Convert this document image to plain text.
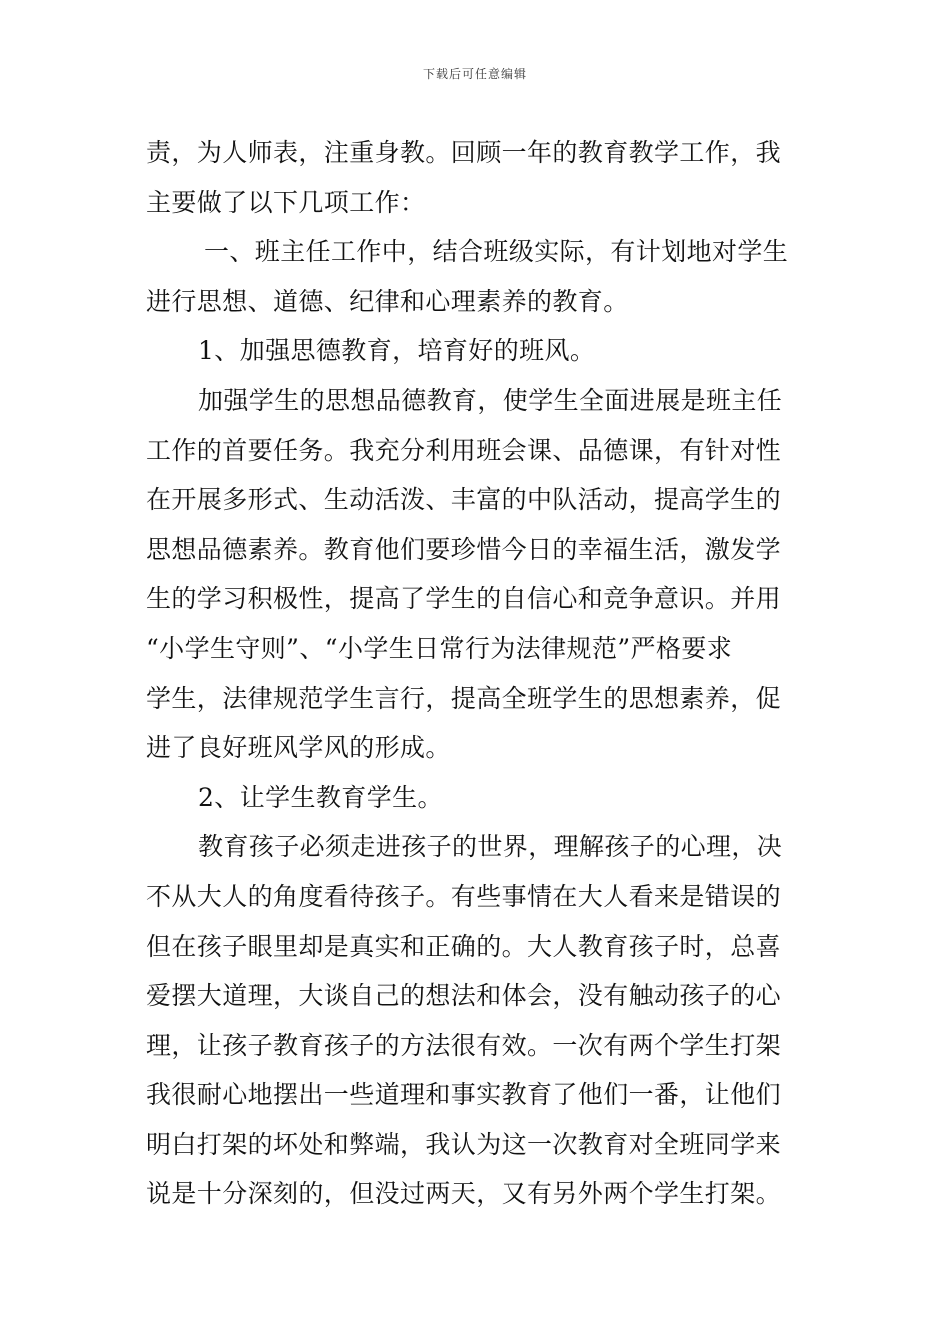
下载后可任意编辑
责，为人师表，注重身教。回顾一年的教育教学工作，我
主要做了以下几项工作：
一、班主任工作中，结合班级实际，有计划地对学生
进行思想、道德、纪律和心理素养的教育。
1、加强思德教育，培育好的班风。
加强学生的思想品德教育，使学生全面进展是班主任
工作的首要任务。我充分利用班会课、品德课，有针对性
在开展多形式、生动活泼、丰富的中队活动，提高学生的
思想品德素养。教育他们要珍惜今日的幸福生活，激发学
生的学习积极性，提高了学生的自信心和竞争意识。并用
“小学生守则”、“小学生日常行为法律规范”严格要求
学生，法律规范学生言行，提高全班学生的思想素养，促
进了良好班风学风的形成。
2、让学生教育学生。
教育孩子必须走进孩子的世界，理解孩子的心理，决
不从大人的角度看待孩子。有些事情在大人看来是错误的
但在孩子眼里却是真实和正确的。大人教育孩子时，总喜
爱摆大道理，大谈自己的想法和体会，没有触动孩子的心
理，让孩子教育孩子的方法很有效。一次有两个学生打架
我很耐心地摆出一些道理和事实教育了他们一番，让他们
明白打架的坏处和弊端，我认为这一次教育对全班同学来
说是十分深刻的，但没过两天，又有另外两个学生打架。
